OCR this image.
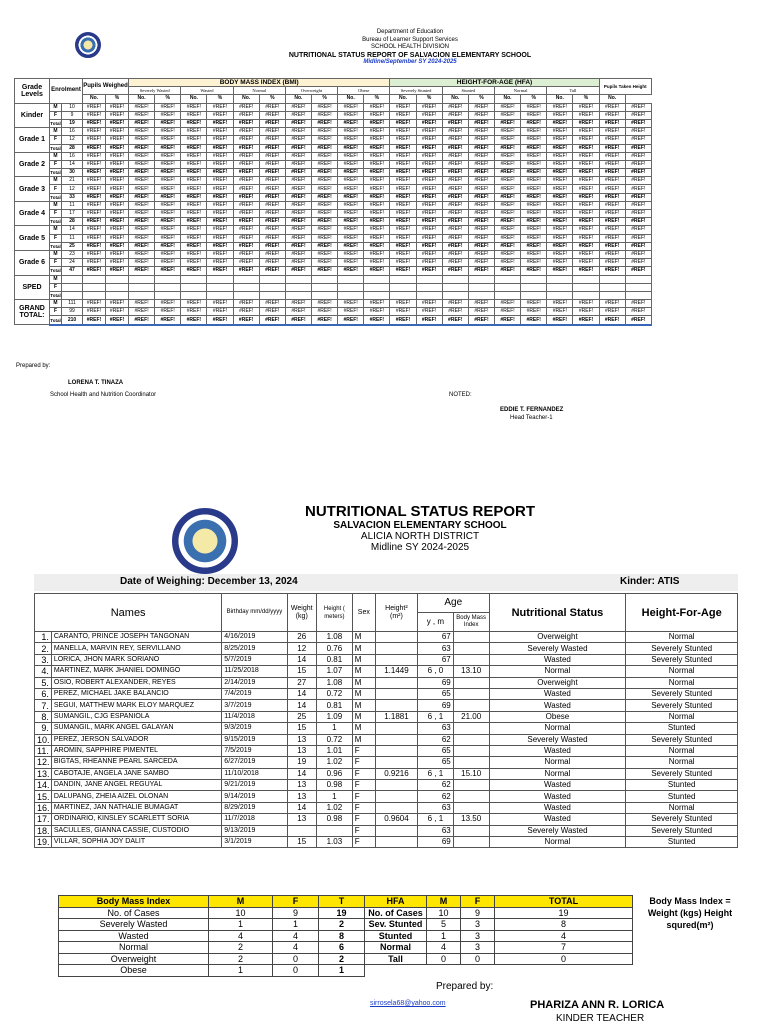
Department of Education
Bureau of Learner Support Services
SCHOOL HEALTH DIVISION
NUTRITIONAL STATUS REPORT OF SALVACION ELEMENTARY SCHOOL
Midline/September SY 2024-2025
Grade Levels	Enrolment		Pupils Weighed		BODY MASS INDEX (BMI)										HEIGHT-FOR-AGE (HFA)								Pupils Taken Height	
					Severely Wasted		Wasted		Normal		Overweight		Obese		Severely Stunted		Stunted		Normal		Tall			
			No.	%	No.	%	No.	%	No.	%	No.	%	No.	%	No.	%	No.	%	No.	%	No.	%	No.	
Kinder	M	10	#REF!	#REF!	#REF!	#REF!	#REF!	#REF!	#REF!	#REF!	#REF!	#REF!	#REF!	#REF!	#REF!	#REF!	#REF!	#REF!	#REF!	#REF!	#REF!	#REF!	#REF!	#REF!
	F	9	#REF!	#REF!	#REF!	#REF!	#REF!	#REF!	#REF!	#REF!	#REF!	#REF!	#REF!	#REF!	#REF!	#REF!	#REF!	#REF!	#REF!	#REF!	#REF!	#REF!	#REF!	#REF!
	Total	19	#REF!	#REF!	#REF!	#REF!	#REF!	#REF!	#REF!	#REF!	#REF!	#REF!	#REF!	#REF!	#REF!	#REF!	#REF!	#REF!	#REF!	#REF!	#REF!	#REF!	#REF!	#REF!
Grade 1	M	16	#REF!	#REF!	#REF!	#REF!	#REF!	#REF!	#REF!	#REF!	#REF!	#REF!	#REF!	#REF!	#REF!	#REF!	#REF!	#REF!	#REF!	#REF!	#REF!	#REF!	#REF!	#REF!
	F	12	#REF!	#REF!	#REF!	#REF!	#REF!	#REF!	#REF!	#REF!	#REF!	#REF!	#REF!	#REF!	#REF!	#REF!	#REF!	#REF!	#REF!	#REF!	#REF!	#REF!	#REF!	#REF!
	Total	28	#REF!	#REF!	#REF!	#REF!	#REF!	#REF!	#REF!	#REF!	#REF!	#REF!	#REF!	#REF!	#REF!	#REF!	#REF!	#REF!	#REF!	#REF!	#REF!	#REF!	#REF!	#REF!
Grade 2	M	16	#REF!	#REF!	#REF!	#REF!	#REF!	#REF!	#REF!	#REF!	#REF!	#REF!	#REF!	#REF!	#REF!	#REF!	#REF!	#REF!	#REF!	#REF!	#REF!	#REF!	#REF!	#REF!
	F	14	#REF!	#REF!	#REF!	#REF!	#REF!	#REF!	#REF!	#REF!	#REF!	#REF!	#REF!	#REF!	#REF!	#REF!	#REF!	#REF!	#REF!	#REF!	#REF!	#REF!	#REF!	#REF!
	Total	30	#REF!	#REF!	#REF!	#REF!	#REF!	#REF!	#REF!	#REF!	#REF!	#REF!	#REF!	#REF!	#REF!	#REF!	#REF!	#REF!	#REF!	#REF!	#REF!	#REF!	#REF!	#REF!
Grade 3	M	21	#REF!	#REF!	#REF!	#REF!	#REF!	#REF!	#REF!	#REF!	#REF!	#REF!	#REF!	#REF!	#REF!	#REF!	#REF!	#REF!	#REF!	#REF!	#REF!	#REF!	#REF!	#REF!
	F	12	#REF!	#REF!	#REF!	#REF!	#REF!	#REF!	#REF!	#REF!	#REF!	#REF!	#REF!	#REF!	#REF!	#REF!	#REF!	#REF!	#REF!	#REF!	#REF!	#REF!	#REF!	#REF!
	Total	33	#REF!	#REF!	#REF!	#REF!	#REF!	#REF!	#REF!	#REF!	#REF!	#REF!	#REF!	#REF!	#REF!	#REF!	#REF!	#REF!	#REF!	#REF!	#REF!	#REF!	#REF!	#REF!
Grade 4	M	11	#REF!	#REF!	#REF!	#REF!	#REF!	#REF!	#REF!	#REF!	#REF!	#REF!	#REF!	#REF!	#REF!	#REF!	#REF!	#REF!	#REF!	#REF!	#REF!	#REF!	#REF!	#REF!
	F	17	#REF!	#REF!	#REF!	#REF!	#REF!	#REF!	#REF!	#REF!	#REF!	#REF!	#REF!	#REF!	#REF!	#REF!	#REF!	#REF!	#REF!	#REF!	#REF!	#REF!	#REF!	#REF!
	Total	28	#REF!	#REF!	#REF!	#REF!	#REF!	#REF!	#REF!	#REF!	#REF!	#REF!	#REF!	#REF!	#REF!	#REF!	#REF!	#REF!	#REF!	#REF!	#REF!	#REF!	#REF!	#REF!
Grade 5	M	14	#REF!	#REF!	#REF!	#REF!	#REF!	#REF!	#REF!	#REF!	#REF!	#REF!	#REF!	#REF!	#REF!	#REF!	#REF!	#REF!	#REF!	#REF!	#REF!	#REF!	#REF!	#REF!
	F	11	#REF!	#REF!	#REF!	#REF!	#REF!	#REF!	#REF!	#REF!	#REF!	#REF!	#REF!	#REF!	#REF!	#REF!	#REF!	#REF!	#REF!	#REF!	#REF!	#REF!	#REF!	#REF!
	Total	25	#REF!	#REF!	#REF!	#REF!	#REF!	#REF!	#REF!	#REF!	#REF!	#REF!	#REF!	#REF!	#REF!	#REF!	#REF!	#REF!	#REF!	#REF!	#REF!	#REF!	#REF!	#REF!
Grade 6	M	23	#REF!	#REF!	#REF!	#REF!	#REF!	#REF!	#REF!	#REF!	#REF!	#REF!	#REF!	#REF!	#REF!	#REF!	#REF!	#REF!	#REF!	#REF!	#REF!	#REF!	#REF!	#REF!
	F	24	#REF!	#REF!	#REF!	#REF!	#REF!	#REF!	#REF!	#REF!	#REF!	#REF!	#REF!	#REF!	#REF!	#REF!	#REF!	#REF!	#REF!	#REF!	#REF!	#REF!	#REF!	#REF!
	Total	47	#REF!	#REF!	#REF!	#REF!	#REF!	#REF!	#REF!	#REF!	#REF!	#REF!	#REF!	#REF!	#REF!	#REF!	#REF!	#REF!	#REF!	#REF!	#REF!	#REF!	#REF!	#REF!
SPED	M																							
	F																							
	Total																							
GRAND TOTAL:	M	111	#REF!	#REF!	#REF!	#REF!	#REF!	#REF!	#REF!	#REF!	#REF!	#REF!	#REF!	#REF!	#REF!	#REF!	#REF!	#REF!	#REF!	#REF!	#REF!	#REF!	#REF!	#REF!
	F	99	#REF!	#REF!	#REF!	#REF!	#REF!	#REF!	#REF!	#REF!	#REF!	#REF!	#REF!	#REF!	#REF!	#REF!	#REF!	#REF!	#REF!	#REF!	#REF!	#REF!	#REF!	#REF!
	Total	210	#REF!	#REF!	#REF!	#REF!	#REF!	#REF!	#REF!	#REF!	#REF!	#REF!	#REF!	#REF!	#REF!	#REF!	#REF!	#REF!	#REF!	#REF!	#REF!	#REF!	#REF!	#REF!
Prepared by:
LORENA T. TINAZA
School Health and Nutrition Coordinator	NOTED:
EDDIE T. FERNANDEZ
Head Teacher-1
NUTRITIONAL STATUS REPORT
SALVACION ELEMENTARY SCHOOL
ALICIA NORTH DISTRICT
Midline SY 2024-2025
Date of Weighing: December 13, 2024	Kinder: ATIS
Names		Birthday mm/dd/yyyy	Weight (kg)	Height ( meters)	Sex	Height² (m²)	Age		Nutritional Status	Height-For-Age
							y , m	Body Mass Index		
1.	CARANTO, PRINCE JOSEPH TANGONAN	4/16/2019	26	1.08	M		67		Overweight	Normal
2.	MANELLA, MARVIN REY, SERVILLANO	8/25/2019	12	0.76	M		63		Severely Wasted	Severely Stunted
3.	LORICA, JHON MARK SORIANO	5/7/2019	14	0.81	M		67		Wasted	Severely Stunted
4.	MARTINEZ, MARK JHANIEL DOMINGO	11/25/2018	15	1.07	M	1.1449	6 , 0	13.10	Normal	Normal
5.	OSIO, ROBERT ALEXANDER, REYES	2/14/2019	27	1.08	M		69		Overweight	Normal
6.	PEREZ, MICHAEL JAKE BALANCIO	7/4/2019	14	0.72	M		65		Wasted	Severely Stunted
7.	SEGUI, MATTHEW MARK ELOY MARQUEZ	3/7/2019	14	0.81	M		69		Wasted	Severely Stunted
8.	SUMANGIL, CJG ESPANIOLA	11/4/2018	25	1.09	M	1.1881	6 , 1	21.00	Obese	Normal
9.	SUMANGIL, MARK ANGEL GALAYAN	9/3/2019	15	1	M		63		Normal	Stunted
10.	PEREZ, JERSON SALVADOR	9/15/2019	13	0.72	M		62		Severely Wasted	Severely Stunted
11.	AROMIN, SAPPHIRE PIMENTEL	7/5/2019	13	1.01	F		65		Wasted	Normal
12.	BIGTAS, RHEANNE PEARL SARCEDA	6/27/2019	19	1.02	F		65		Normal	Normal
13.	CABOTAJE, ANGELA JANE SAMBO	11/10/2018	14	0.96	F	0.9216	6 , 1	15.10	Normal	Severely Stunted
14.	DANDIN, JANE ANGEL REGUYAL	9/21/2019	13	0.98	F		62		Wasted	Stunted
15.	DALUPANG, ZHEIA AIZEL OLONAN	9/14/2019	13	1	F		62		Wasted	Stunted
16.	MARTINEZ, JAN NATHALIE BUMAGAT	8/29/2019	14	1.02	F		63		Wasted	Normal
17.	ORDINARIO, KINSLEY SCARLETT SORIA	11/7/2018	13	0.98	F	0.9604	6 , 1	13.50	Wasted	Severely Stunted
18.	SACULLES, GIANNA CASSIE, CUSTODIO	9/13/2019			F		63		Severely Wasted	Severely Stunted
19.	VILLAR, SOPHIA JOY DALIT	3/1/2019	15	1.03	F		69		Normal	Stunted
Body Mass Index	M	F	T	HFA	M	F	TOTAL
No. of Cases	10	9	19	No. of Cases	10	9	19
Severely Wasted	1	1	2	Sev. Stunted	5	3	8
Wasted	4	4	8	Stunted	1	3	4
Normal	2	4	6	Normal	4	3	7
Overweight	2	0	2	Tall	0	0	0
Obese	1	0	1				
Body Mass Index = Weight (kgs) Height squred(m²)
Prepared by:
sirrosela68@yahoo.com	PHARIZA ANN R. LORICA
KINDER TEACHER
